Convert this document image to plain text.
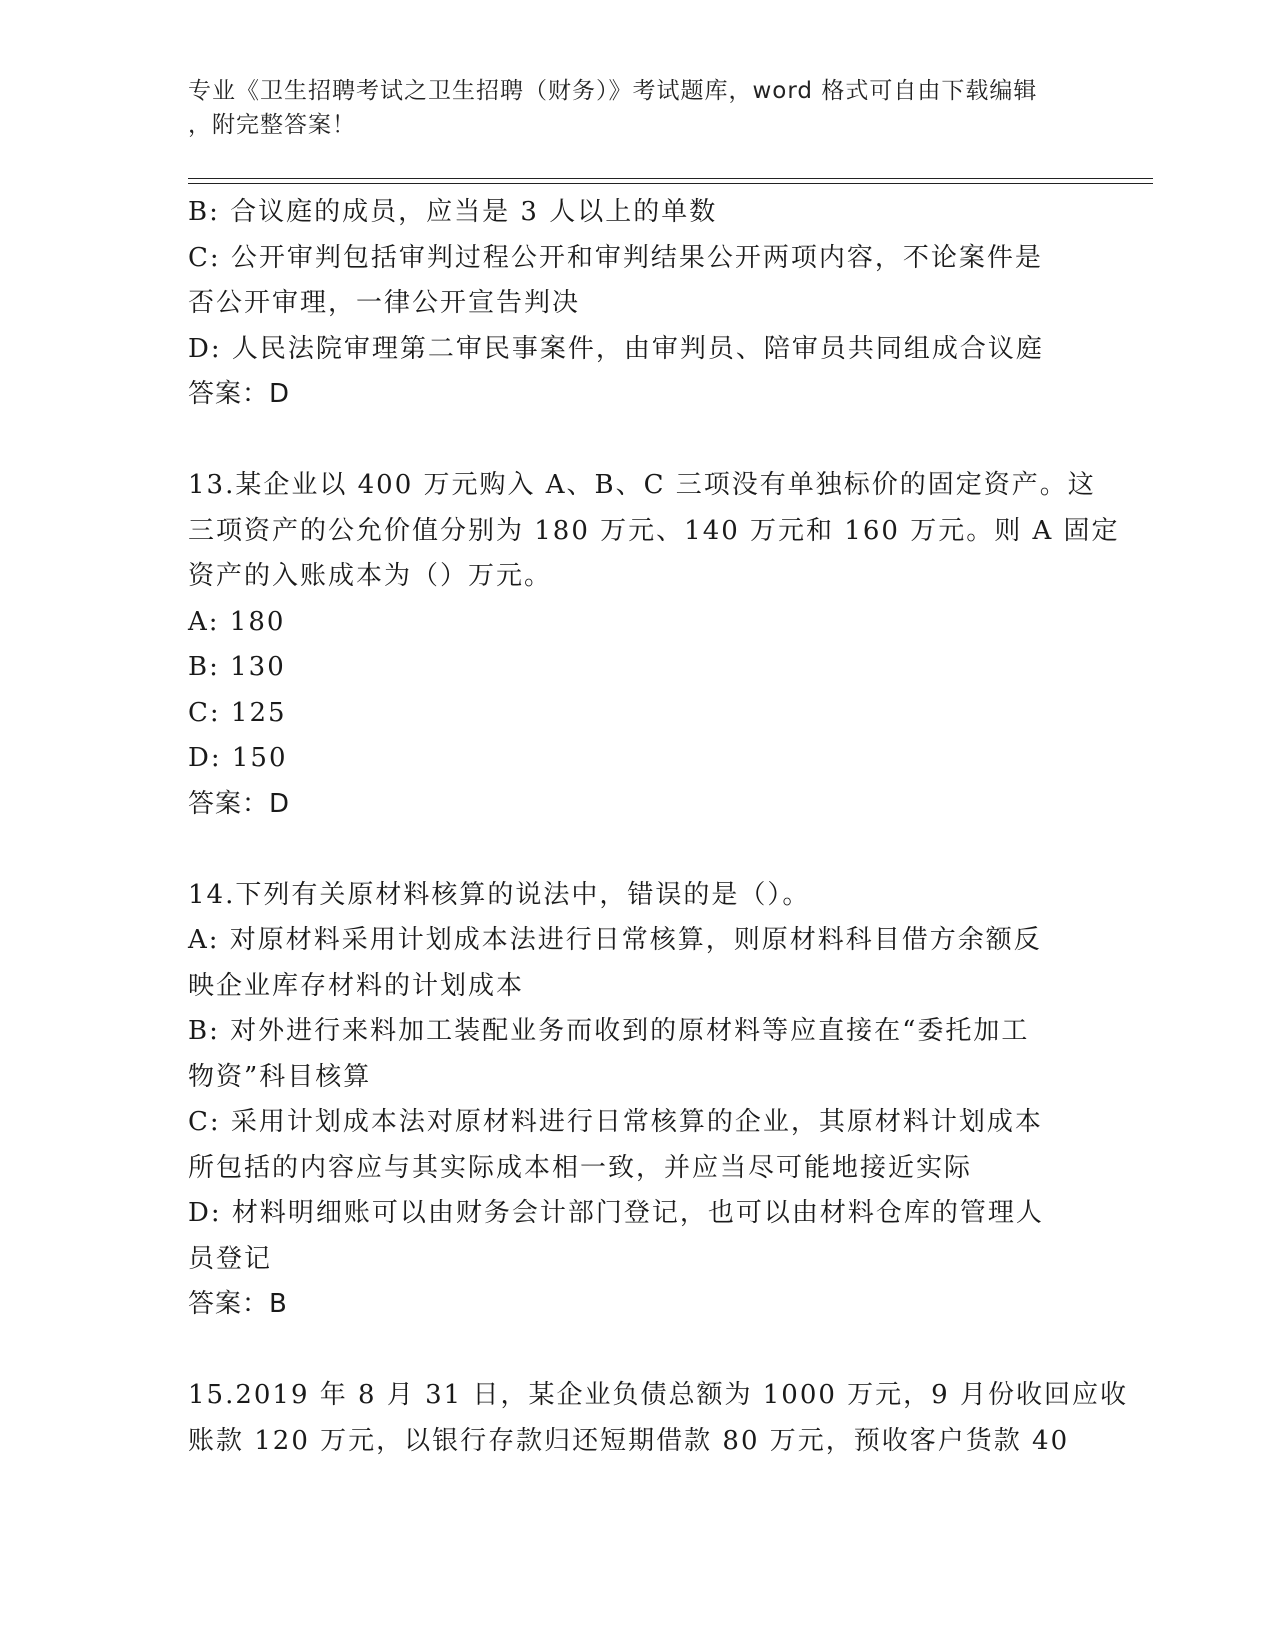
专业《卫生招聘考试之卫生招聘（财务）》考试题库，word 格式可自由下载编辑
，附完整答案！
B: 合议庭的成员，应当是 3 人以上的单数
C: 公开审判包括审判过程公开和审判结果公开两项内容，不论案件是
否公开审理，一律公开宣告判决
D: 人民法院审理第二审民事案件，由审判员、陪审员共同组成合议庭
答案：D
13.某企业以 400 万元购入 A、B、C 三项没有单独标价的固定资产。这
三项资产的公允价值分别为 180 万元、140 万元和 160 万元。则 A 固定
资产的入账成本为（）万元。
A: 180
B: 130
C: 125
D: 150
答案：D
14.下列有关原材料核算的说法中，错误的是（）。
A: 对原材料采用计划成本法进行日常核算，则原材料科目借方余额反
映企业库存材料的计划成本
B: 对外进行来料加工装配业务而收到的原材料等应直接在“委托加工
物资”科目核算
C: 采用计划成本法对原材料进行日常核算的企业，其原材料计划成本
所包括的内容应与其实际成本相一致，并应当尽可能地接近实际
D: 材料明细账可以由财务会计部门登记，也可以由材料仓库的管理人
员登记
答案：B
15.2019 年 8 月 31 日，某企业负债总额为 1000 万元，9 月份收回应收
账款 120 万元，以银行存款归还短期借款 80 万元，预收客户货款 40
